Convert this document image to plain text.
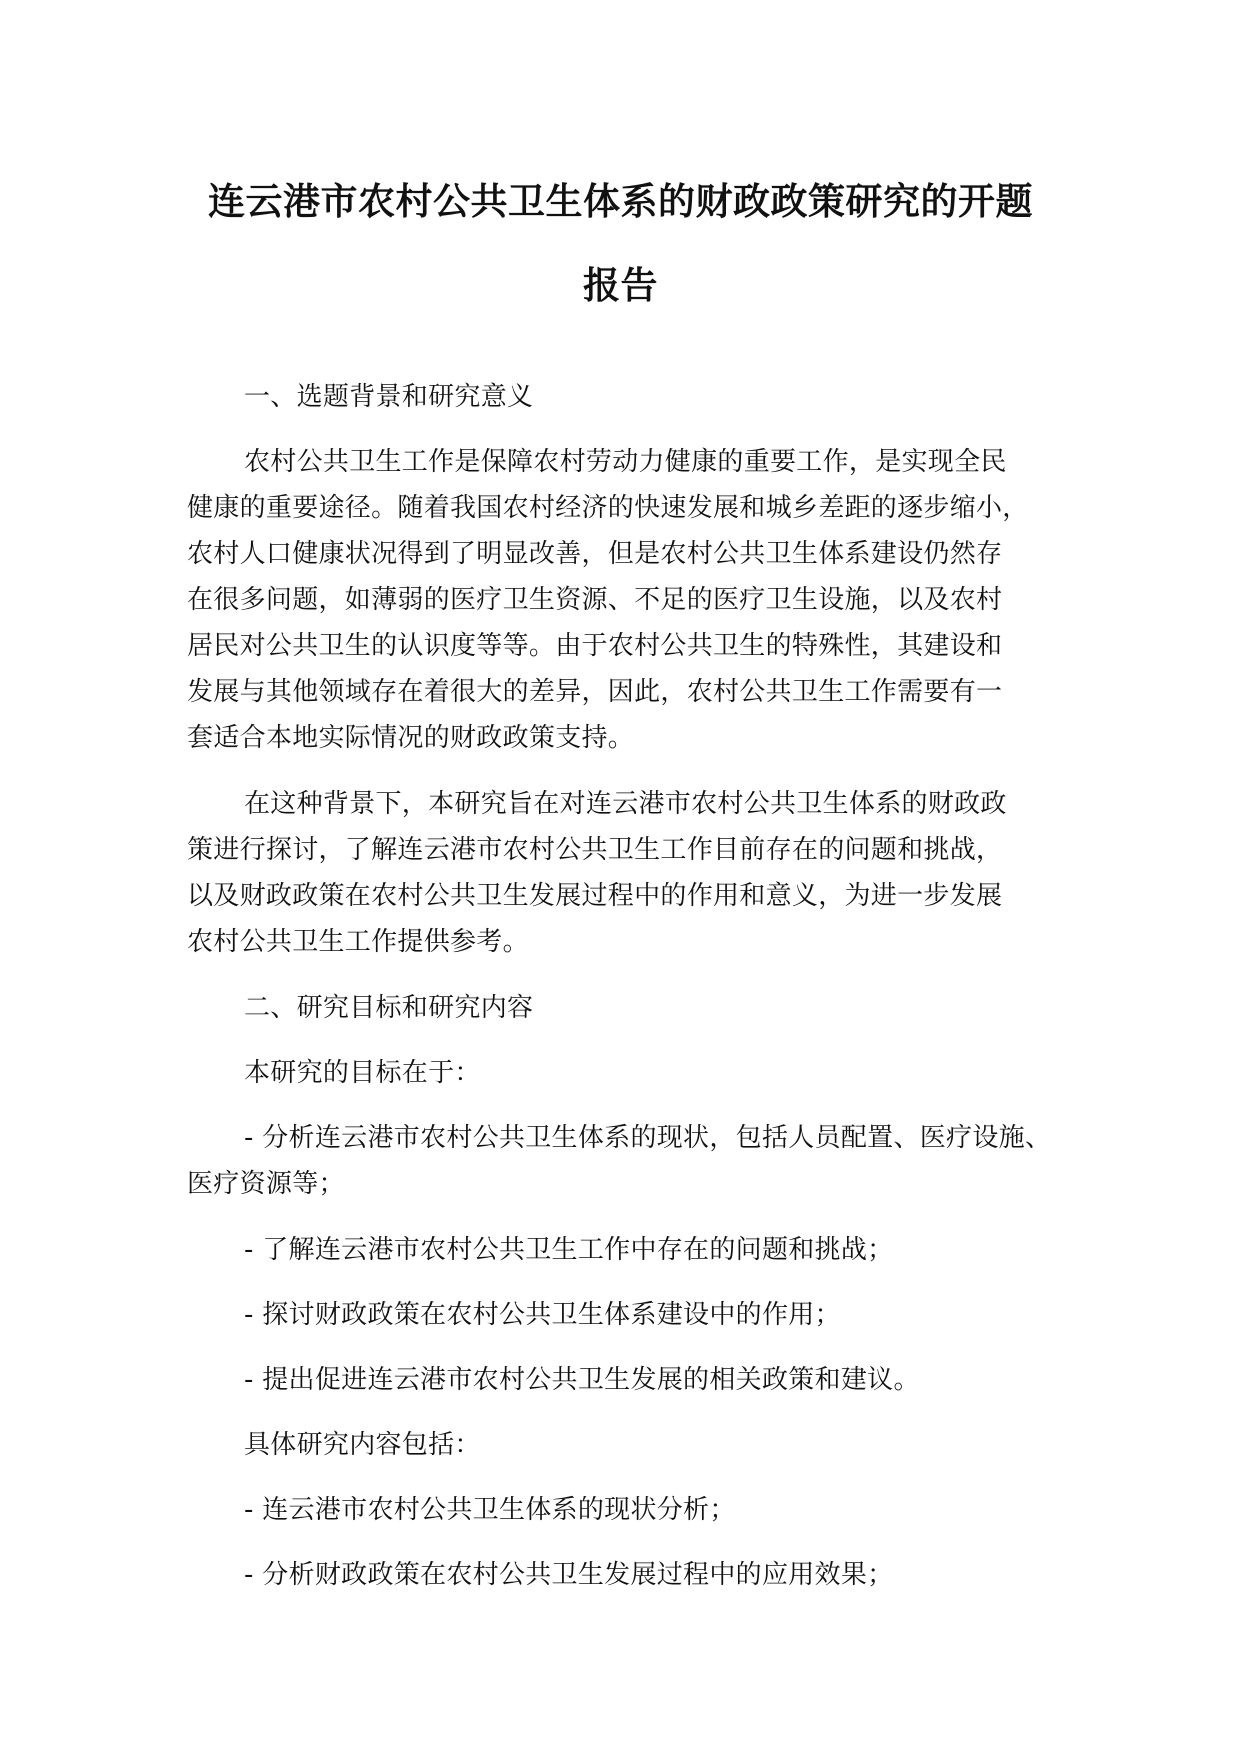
连云港市农村公共卫生体系的财政政策研究的开题
报告
一、选题背景和研究意义
农村公共卫生工作是保障农村劳动力健康的重要工作，是实现全民
健康的重要途径。随着我国农村经济的快速发展和城乡差距的逐步缩小，
农村人口健康状况得到了明显改善，但是农村公共卫生体系建设仍然存
在很多问题，如薄弱的医疗卫生资源、不足的医疗卫生设施，以及农村
居民对公共卫生的认识度等等。由于农村公共卫生的特殊性，其建设和
发展与其他领域存在着很大的差异，因此，农村公共卫生工作需要有一
套适合本地实际情况的财政政策支持。
在这种背景下，本研究旨在对连云港市农村公共卫生体系的财政政
策进行探讨，了解连云港市农村公共卫生工作目前存在的问题和挑战，
以及财政政策在农村公共卫生发展过程中的作用和意义，为进一步发展
农村公共卫生工作提供参考。
二、研究目标和研究内容
本研究的目标在于：
- 分析连云港市农村公共卫生体系的现状，包括人员配置、医疗设施、
医疗资源等；
- 了解连云港市农村公共卫生工作中存在的问题和挑战；
- 探讨财政政策在农村公共卫生体系建设中的作用；
- 提出促进连云港市农村公共卫生发展的相关政策和建议。
具体研究内容包括：
- 连云港市农村公共卫生体系的现状分析；
- 分析财政政策在农村公共卫生发展过程中的应用效果；
